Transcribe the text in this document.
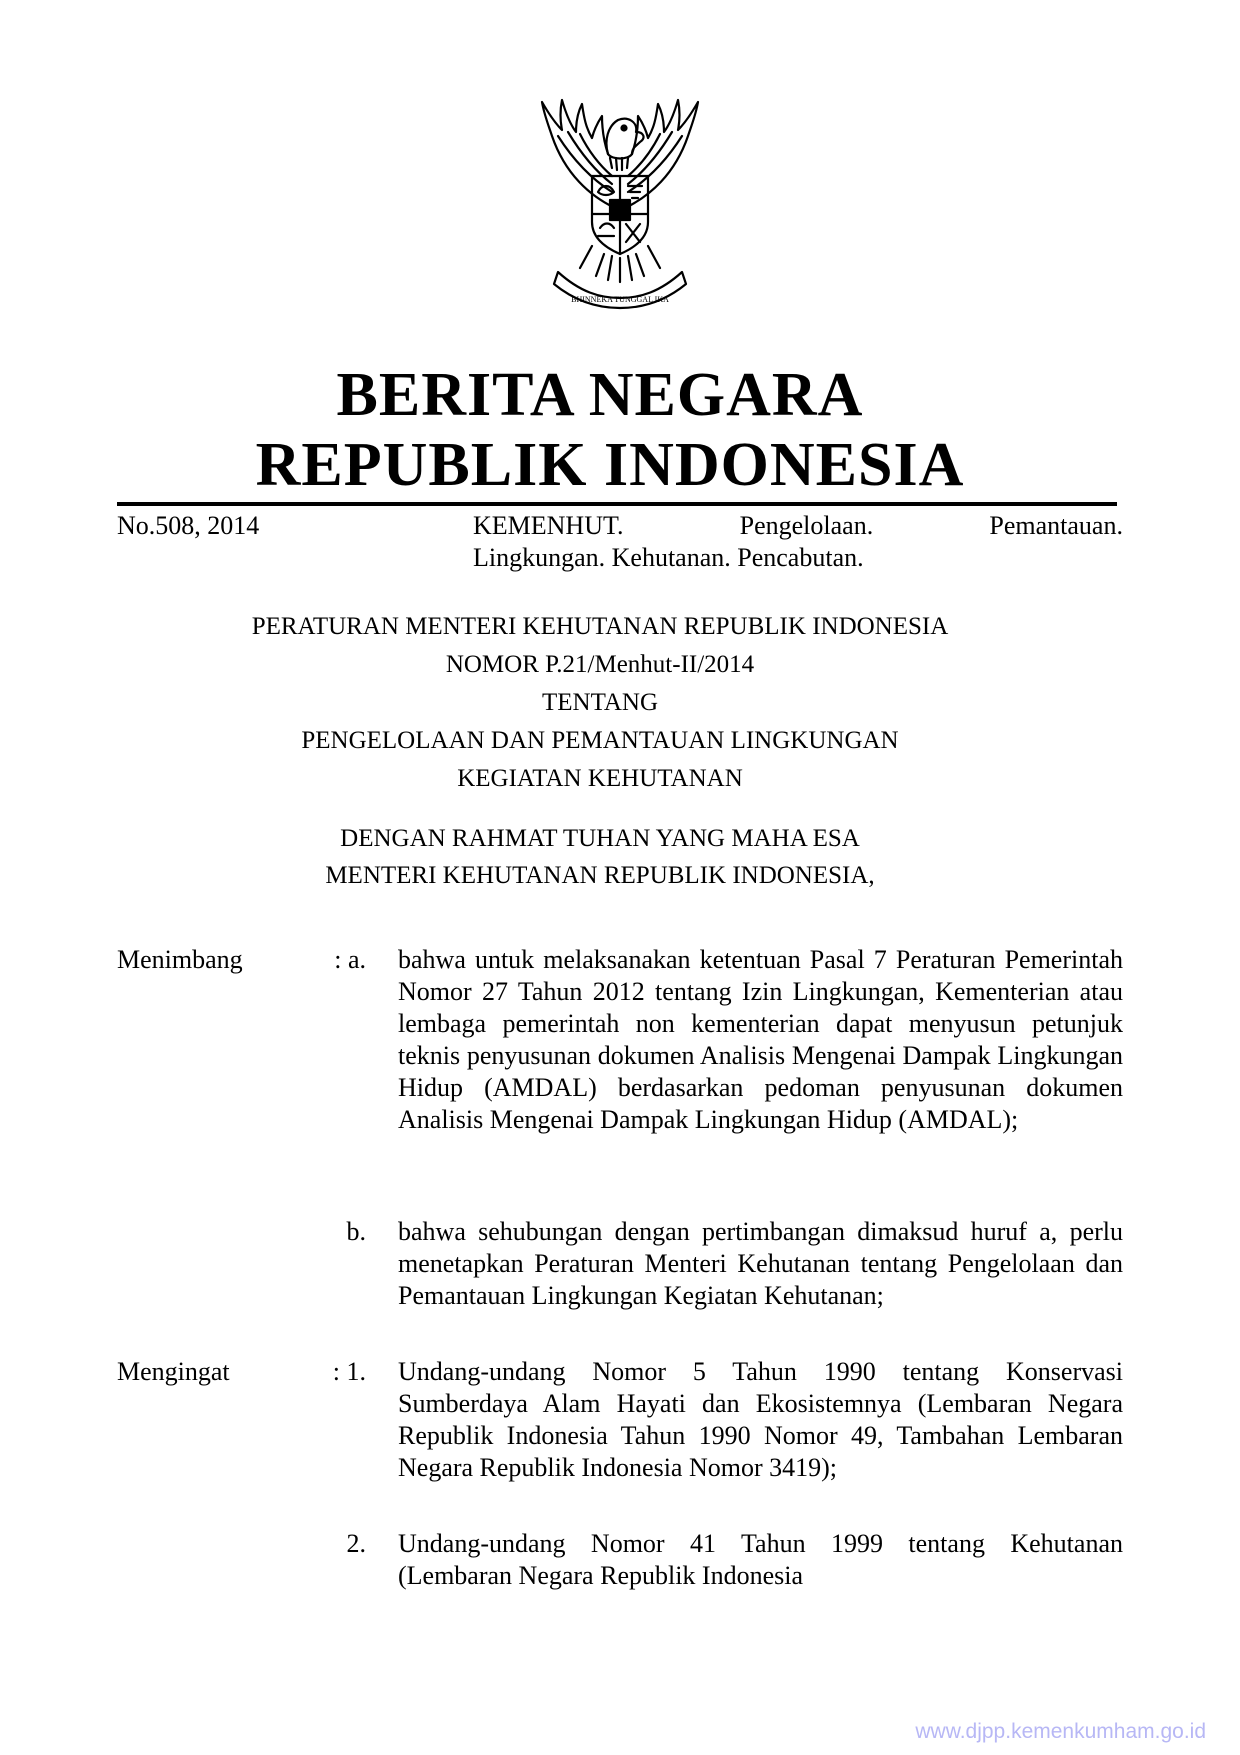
BHINNEKA TUNGGAL IKA
BERITA NEGARA
REPUBLIK INDONESIA
No.508, 2014	KEMENHUT.	Pengelolaan.	Pemantauan.
Lingkungan. Kehutanan. Pencabutan.
PERATURAN MENTERI KEHUTANAN REPUBLIK INDONESIA
NOMOR P.21/Menhut-II/2014
TENTANG
PENGELOLAAN DAN PEMANTAUAN LINGKUNGAN
KEGIATAN KEHUTANAN
DENGAN RAHMAT TUHAN YANG MAHA ESA
MENTERI KEHUTANAN REPUBLIK INDONESIA,
Menimbang	: a. bahwa untuk melaksanakan ketentuan Pasal 7 Peraturan Pemerintah Nomor 27 Tahun 2012 tentang Izin Lingkungan, Kementerian atau lembaga pemerintah non kementerian dapat menyusun petunjuk teknis penyusunan dokumen Analisis Mengenai Dampak Lingkungan Hidup (AMDAL) berdasarkan pedoman penyusunan dokumen Analisis Mengenai Dampak Lingkungan Hidup (AMDAL);
b. bahwa sehubungan dengan pertimbangan dimaksud huruf a, perlu menetapkan Peraturan Menteri Kehutanan tentang Pengelolaan dan Pemantauan Lingkungan Kegiatan Kehutanan;
Mengingat	: 1. Undang-undang Nomor 5 Tahun 1990 tentang Konservasi Sumberdaya Alam Hayati dan Ekosistemnya (Lembaran Negara Republik Indonesia Tahun 1990 Nomor 49, Tambahan Lembaran Negara Republik Indonesia Nomor 3419);
2. Undang-undang Nomor 41 Tahun 1999 tentang Kehutanan (Lembaran Negara Republik Indonesia
www.djpp.kemenkumham.go.id
